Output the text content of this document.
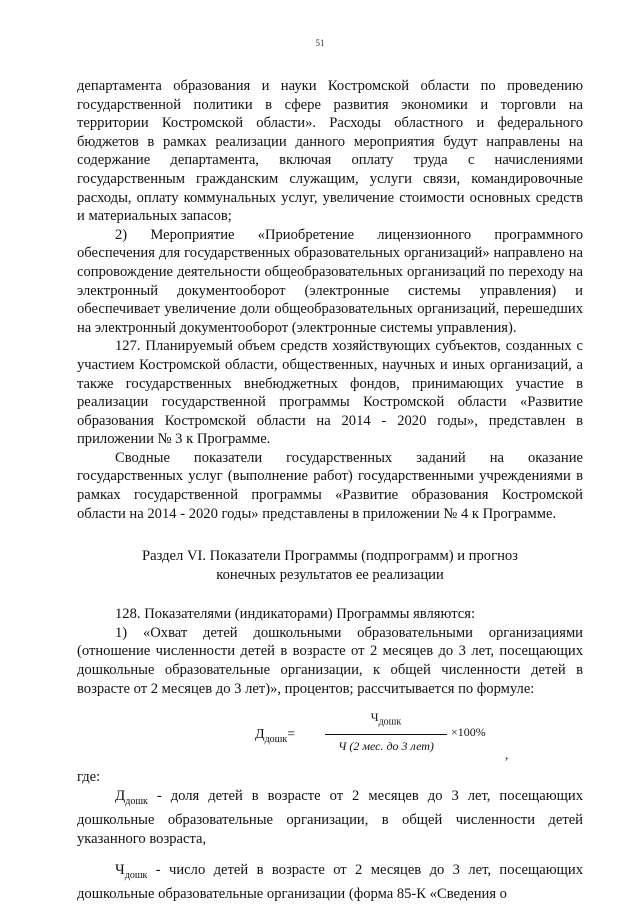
51

департамента образования и науки Костромской области по проведению государственной политики в сфере развития экономики и торговли на территории Костромской области». Расходы областного и федерального бюджетов в рамках реализации данного мероприятия будут направлены на содержание департамента, включая оплату труда с начислениями государственным гражданским служащим, услуги связи, командировочные расходы, оплату коммунальных услуг, увеличение стоимости основных средств и материальных запасов;

2) Мероприятие «Приобретение лицензионного программного обеспечения для государственных образовательных организаций» направлено на сопровождение деятельности общеобразовательных организаций по переходу на электронный документооборот (электронные системы управления) и обеспечивает увеличение доли общеобразовательных организаций, перешедших на электронный документооборот (электронные системы управления).

127. Планируемый объем средств хозяйствующих субъектов, созданных с участием Костромской области, общественных, научных и иных организаций, а также государственных внебюджетных фондов, принимающих участие в реализации государственной программы Костромской области «Развитие образования Костромской области на 2014 - 2020 годы», представлен в приложении № 3 к Программе.

Сводные показатели государственных заданий на оказание государственных услуг (выполнение работ) государственными учреждениями в рамках государственной программы «Развитие образования Костромской области на 2014 - 2020 годы» представлены в приложении № 4 к Программе.

Раздел VI. Показатели Программы (подпрограмм) и прогноз
конечных результатов ее реализации

128. Показателями (индикаторами) Программы являются:

1) «Охват детей дошкольными образовательными организациями (отношение численности детей в возрасте от 2 месяцев до 3 лет, посещающих дошкольные образовательные организации, к общей численности детей в возрасте от 2 месяцев до 3 лет)», процентов; рассчитывается по формуле:

$Д_{дошк}=$
$Ч_{дошк}$
Ч (2 мес. до 3 лет)
×100%
,

где:

$Д_{дошк}$ - доля детей в возрасте от 2 месяцев до 3 лет, посещающих дошкольные образовательные организации, в общей численности детей указанного возраста,

$Ч_{дошк}$ - число детей в возрасте от 2 месяцев до 3 лет, посещающих дошкольные образовательные организации (форма 85-К «Сведения о
